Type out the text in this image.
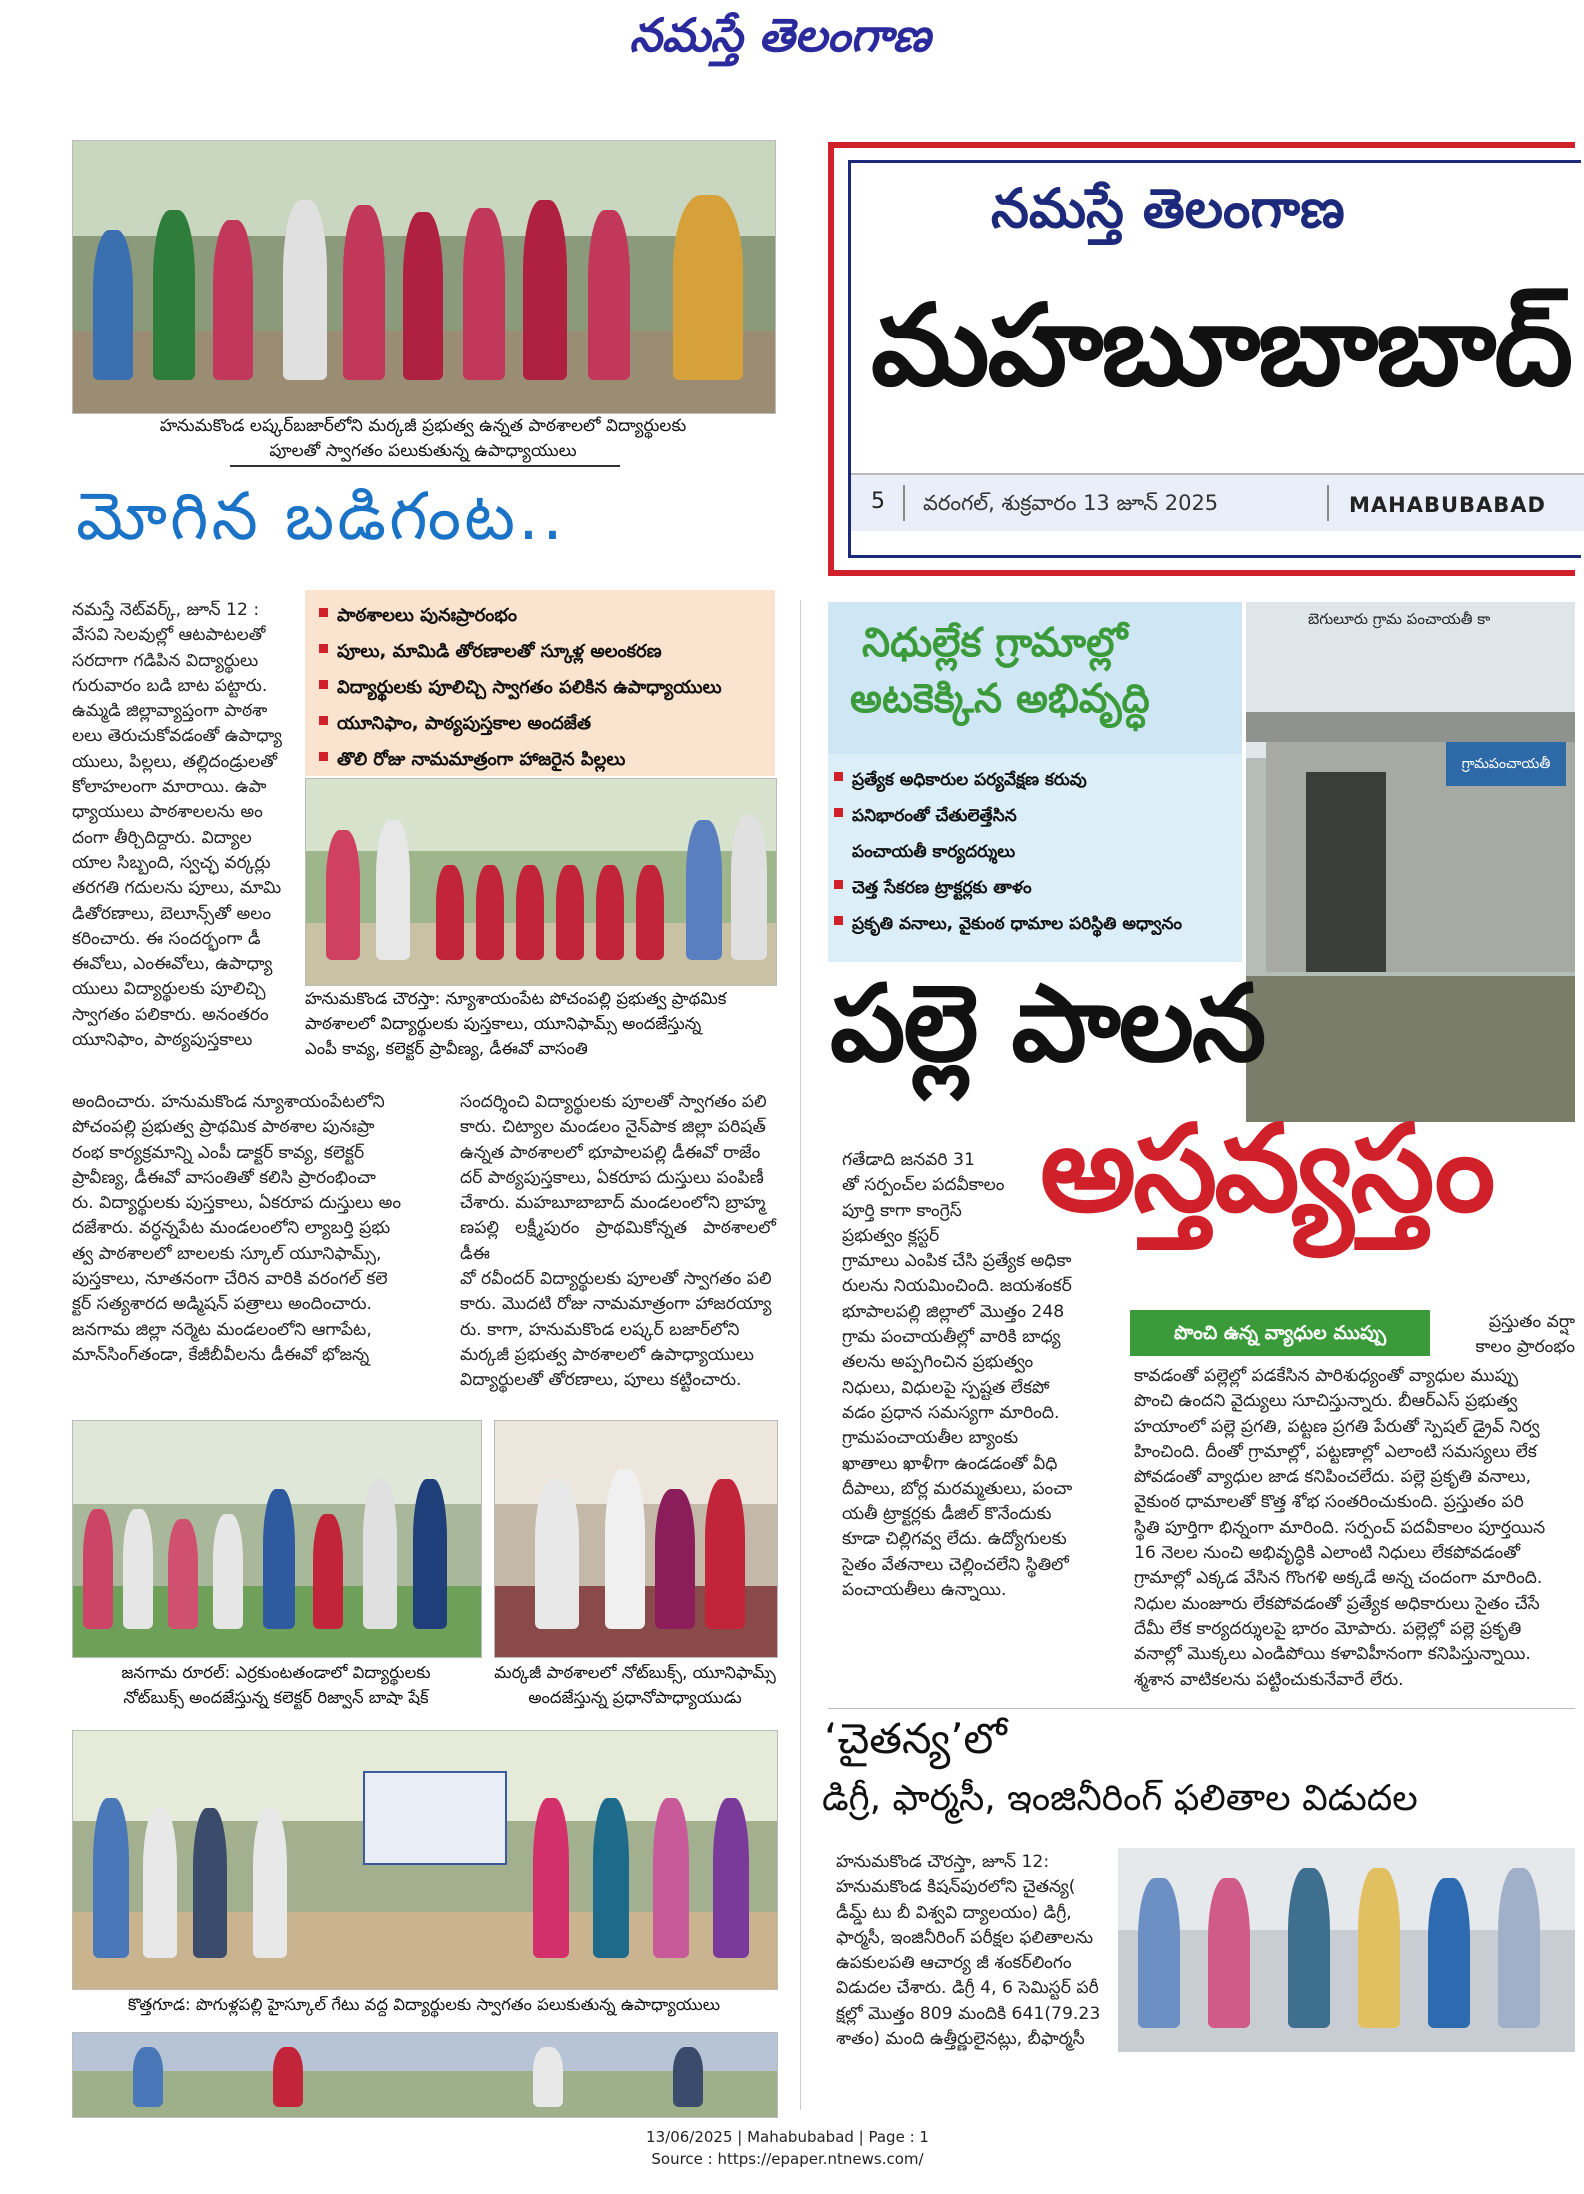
నమస్తే తెలంగాణ
హనుమకొండ లష్కర్‌బజార్‌లోని మర్కజీ ప్రభుత్వ ఉన్నత పాఠశాలలో విద్యార్థులకు
పూలతో స్వాగతం పలుకుతున్న ఉపాధ్యాయులు
మోగిన బడిగంట..
నమస్తే నెట్‌వర్క్, జూన్ 12 :
వేసవి సెలవుల్లో ఆటపాటలతో
సరదాగా గడిపిన విద్యార్థులు
గురువారం బడి బాట పట్టారు.
ఉమ్మడి జిల్లావ్యాప్తంగా పాఠశా
లలు తెరుచుకోవడంతో ఉపాధ్యా
యులు, పిల్లలు, తల్లిదండ్రులతో
కోలాహలంగా మారాయి. ఉపా
ధ్యాయులు పాఠశాలలను అం
దంగా తీర్చిదిద్దారు. విద్యాల
యాల సిబ్బంది, స్వచ్ఛ వర్కర్లు
తరగతి గదులను పూలు, మామి
డితోరణాలు, బెలూన్స్‌తో అలం
కరించారు. ఈ సందర్భంగా డీ
ఈవోలు, ఎంఈవోలు, ఉపాధ్యా
యులు విద్యార్థులకు పూలిచ్చి
స్వాగతం పలికారు. అనంతరం
యూనిఫాం, పాఠ్యపుస్తకాలు
పాఠశాలలు పునఃప్రారంభం
పూలు, మామిడి తోరణాలతో స్కూళ్ల అలంకరణ
విద్యార్థులకు పూలిచ్చి స్వాగతం పలికిన ఉపాధ్యాయులు
యూనిఫాం, పాఠ్యపుస్తకాల అందజేత
తొలి రోజు నామమాత్రంగా హాజరైన పిల్లలు
హనుమకొండ చౌరస్తా: న్యూశాయంపేట పోచంపల్లి ప్రభుత్వ ప్రాథమిక
పాఠశాలలో విద్యార్థులకు పుస్తకాలు, యూనిఫామ్స్ అందజేస్తున్న
ఎంపీ కావ్య, కలెక్టర్ ప్రావీణ్య, డీఈవో వాసంతి
అందించారు. హనుమకొండ న్యూశాయంపేటలోని
పోచంపల్లి ప్రభుత్వ ప్రాథమిక పాఠశాల పునఃప్రా
రంభ కార్యక్రమాన్ని ఎంపీ డాక్టర్ కావ్య, కలెక్టర్
ప్రావీణ్య, డీఈవో వాసంతితో కలిసి ప్రారంభించా
రు. విద్యార్థులకు పుస్తకాలు, ఏకరూప దుస్తులు అం
దజేశారు. వర్ధన్నపేట మండలంలోని ల్యాబర్తి ప్రభు
త్వ పాఠశాలలో బాలలకు స్కూల్ యూనిఫామ్స్,
పుస్తకాలు, నూతనంగా చేరిన వారికి వరంగల్ కలె
క్టర్ సత్యశారద అడ్మిషన్ పత్రాలు అందించారు.
జనగామ జిల్లా నర్మెట మండలంలోని ఆగాపేట,
మాన్‌సింగ్‌తండా, కేజీబీవీలను డీఈవో భోజన్న
సందర్శించి విద్యార్థులకు పూలతో స్వాగతం పలి
కారు. చిట్యాల మండలం నైన్‌పాక జిల్లా పరిషత్
ఉన్నత పాఠశాలలో భూపాలపల్లి డీఈవో రాజేం
దర్ పాఠ్యపుస్తకాలు, ఏకరూప దుస్తులు పంపిణీ
చేశారు. మహబూబాబాద్ మండలంలోని బ్రాహ్మ
ణపల్లి లక్ష్మీపురం ప్రాథమికోన్నత పాఠశాలలో డీఈ
వో రవీందర్ విద్యార్థులకు పూలతో స్వాగతం పలి
కారు. మొదటి రోజు నామమాత్రంగా హాజరయ్యా
రు. కాగా, హనుమకొండ లష్కర్ బజార్‌లోని
మర్కజీ ప్రభుత్వ పాఠశాలలో ఉపాధ్యాయులు
విద్యార్థులతో తోరణాలు, పూలు కట్టించారు.
జనగామ రూరల్: ఎర్రకుంటతండాలో విద్యార్థులకు
నోట్‌బుక్స్ అందజేస్తున్న కలెక్టర్ రిజ్వాన్ బాషా షేక్
మర్కజీ పాఠశాలలో నోట్‌బుక్స్, యూనిఫామ్స్
అందజేస్తున్న ప్రధానోపాధ్యాయుడు
కొత్తగూడ: పొగుళ్లపల్లి హైస్కూల్ గేటు వద్ద విద్యార్థులకు స్వాగతం పలుకుతున్న ఉపాధ్యాయులు
నమస్తే తెలంగాణ
మహబూబాబాద్
5 వరంగల్, శుక్రవారం 13 జూన్ 2025	MAHABUBABAD
నిధుల్లేక గ్రామాల్లో
అటకెక్కిన అభివృద్ధి
ప్రత్యేక అధికారుల పర్యవేక్షణ కరువు
పనిభారంతో చేతులెత్తేసిన
పంచాయతీ కార్యదర్శులు
చెత్త సేకరణ ట్రాక్టర్లకు తాళం
ప్రకృతి వనాలు, వైకుంఠ ధామాల పరిస్థితి అధ్వానం
గ్రామపంచాయతీ
బెగులూరు గ్రామ పంచాయతీ కా
పల్లె పాలన
అస్తవ్యస్తం
గతేడాది జనవరి 31
తో సర్పంచ్‌ల పదవీకాలం
పూర్తి కాగా కాంగ్రెస్
ప్రభుత్వం క్లస్టర్
గ్రామాలు ఎంపిక చేసి ప్రత్యేక అధికా
రులను నియమించింది. జయశంకర్
భూపాలపల్లి జిల్లాలో మొత్తం 248
గ్రామ పంచాయతీల్లో వారికి బాధ్య
తలను అప్పగించిన ప్రభుత్వం
నిధులు, విధులపై స్పష్టత లేకపో
వడం ప్రధాన సమస్యగా మారింది.
గ్రామపంచాయతీల బ్యాంకు
ఖాతాలు ఖాళీగా ఉండడంతో వీధి
దీపాలు, బోర్ల మరమ్మతులు, పంచా
యతీ ట్రాక్టర్లకు డీజిల్ కొనేందుకు
కూడా చిల్లిగవ్వ లేదు. ఉద్యోగులకు
సైతం వేతనాలు చెల్లించలేని స్థితిలో
పంచాయతీలు ఉన్నాయి.
పొంచి ఉన్న వ్యాధుల ముప్పు	ప్రస్తుతం వర్షా
కాలం ప్రారంభం
కావడంతో పల్లెల్లో పడకేసిన పారిశుధ్యంతో వ్యాధుల ముప్పు
పొంచి ఉందని వైద్యులు సూచిస్తున్నారు. బీఆర్‌ఎస్ ప్రభుత్వ
హయాంలో పల్లె ప్రగతి, పట్టణ ప్రగతి పేరుతో స్పెషల్ డ్రైవ్ నిర్వ
హించింది. దీంతో గ్రామాల్లో, పట్టణాల్లో ఎలాంటి సమస్యలు లేక
పోవడంతో వ్యాధుల జాడ కనిపించలేదు. పల్లె ప్రకృతి వనాలు,
వైకుంఠ ధామాలతో కొత్త శోభ సంతరించుకుంది. ప్రస్తుతం పరి
స్థితి పూర్తిగా భిన్నంగా మారింది. సర్పంచ్ పదవీకాలం పూర్తయిన
16 నెలల నుంచి అభివృద్ధికి ఎలాంటి నిధులు లేకపోవడంతో
గ్రామాల్లో ఎక్కడ వేసిన గొంగళి అక్కడే అన్న చందంగా మారింది.
నిధుల మంజూరు లేకపోవడంతో ప్రత్యేక అధికారులు సైతం చేసే
దేమీ లేక కార్యదర్శులపై భారం మోపారు. పల్లెల్లో పల్లె ప్రకృతి
వనాల్లో మొక్కలు ఎండిపోయి కళావిహీనంగా కనిపిస్తున్నాయి.
శ్మశాన వాటికలను పట్టించుకునేవారే లేరు.
‘చైతన్య’లో
డిగ్రీ, ఫార్మసీ, ఇంజినీరింగ్ ఫలితాల విడుదల
హనుమకొండ చౌరస్తా, జూన్ 12:
హనుమకొండ కిషన్‌పురలోని చైతన్య(
డీమ్డ్ టు బీ విశ్వవి ద్యాలయం) డిగ్రీ,
ఫార్మసీ, ఇంజినీరింగ్ పరీక్షల ఫలితాలను
ఉపకులపతి ఆచార్య జీ శంకర్‌లింగం
విడుదల చేశారు. డిగ్రీ 4, 6 సెమిస్టర్ పరీ
క్షల్లో మొత్తం 809 మందికి 641(79.23
శాతం) మంది ఉత్తీర్ణులైనట్లు, బీఫార్మసీ
13/06/2025 | Mahabubabad | Page : 1
Source : https://epaper.ntnews.com/
